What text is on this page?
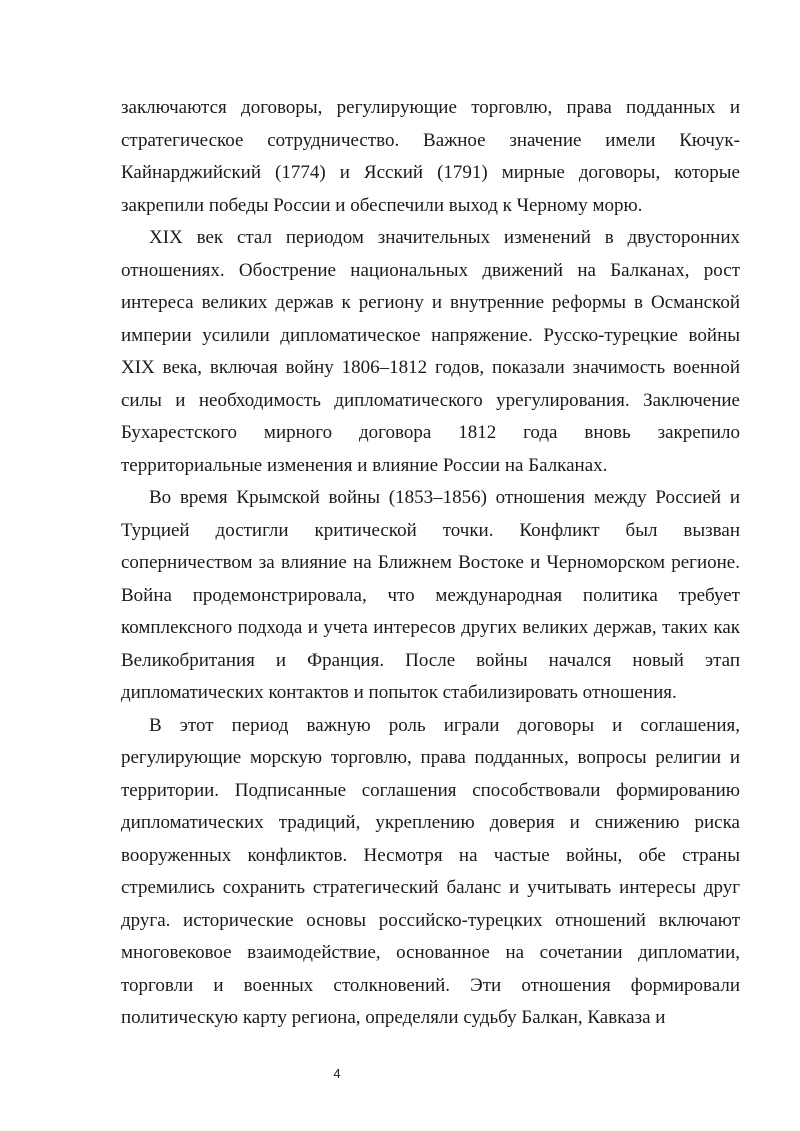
заключаются договоры, регулирующие торговлю, права подданных и стратегическое сотрудничество. Важное значение имели Кючук-Кайнарджийский (1774) и Ясский (1791) мирные договоры, которые закрепили победы России и обеспечили выход к Черному морю.

XIX век стал периодом значительных изменений в двусторонних отношениях. Обострение национальных движений на Балканах, рост интереса великих держав к региону и внутренние реформы в Османской империи усилили дипломатическое напряжение. Русско-турецкие войны XIX века, включая войну 1806–1812 годов, показали значимость военной силы и необходимость дипломатического урегулирования. Заключение Бухарестского мирного договора 1812 года вновь закрепило территориальные изменения и влияние России на Балканах.

Во время Крымской войны (1853–1856) отношения между Россией и Турцией достигли критической точки. Конфликт был вызван соперничеством за влияние на Ближнем Востоке и Черноморском регионе. Война продемонстрировала, что международная политика требует комплексного подхода и учета интересов других великих держав, таких как Великобритания и Франция. После войны начался новый этап дипломатических контактов и попыток стабилизировать отношения.

В этот период важную роль играли договоры и соглашения, регулирующие морскую торговлю, права подданных, вопросы религии и территории. Подписанные соглашения способствовали формированию дипломатических традиций, укреплению доверия и снижению риска вооруженных конфликтов. Несмотря на частые войны, обе страны стремились сохранить стратегический баланс и учитывать интересы друг друга. исторические основы российско-турецких отношений включают многовековое взаимодействие, основанное на сочетании дипломатии, торговли и военных столкновений. Эти отношения формировали политическую карту региона, определяли судьбу Балкан, Кавказа и

4
